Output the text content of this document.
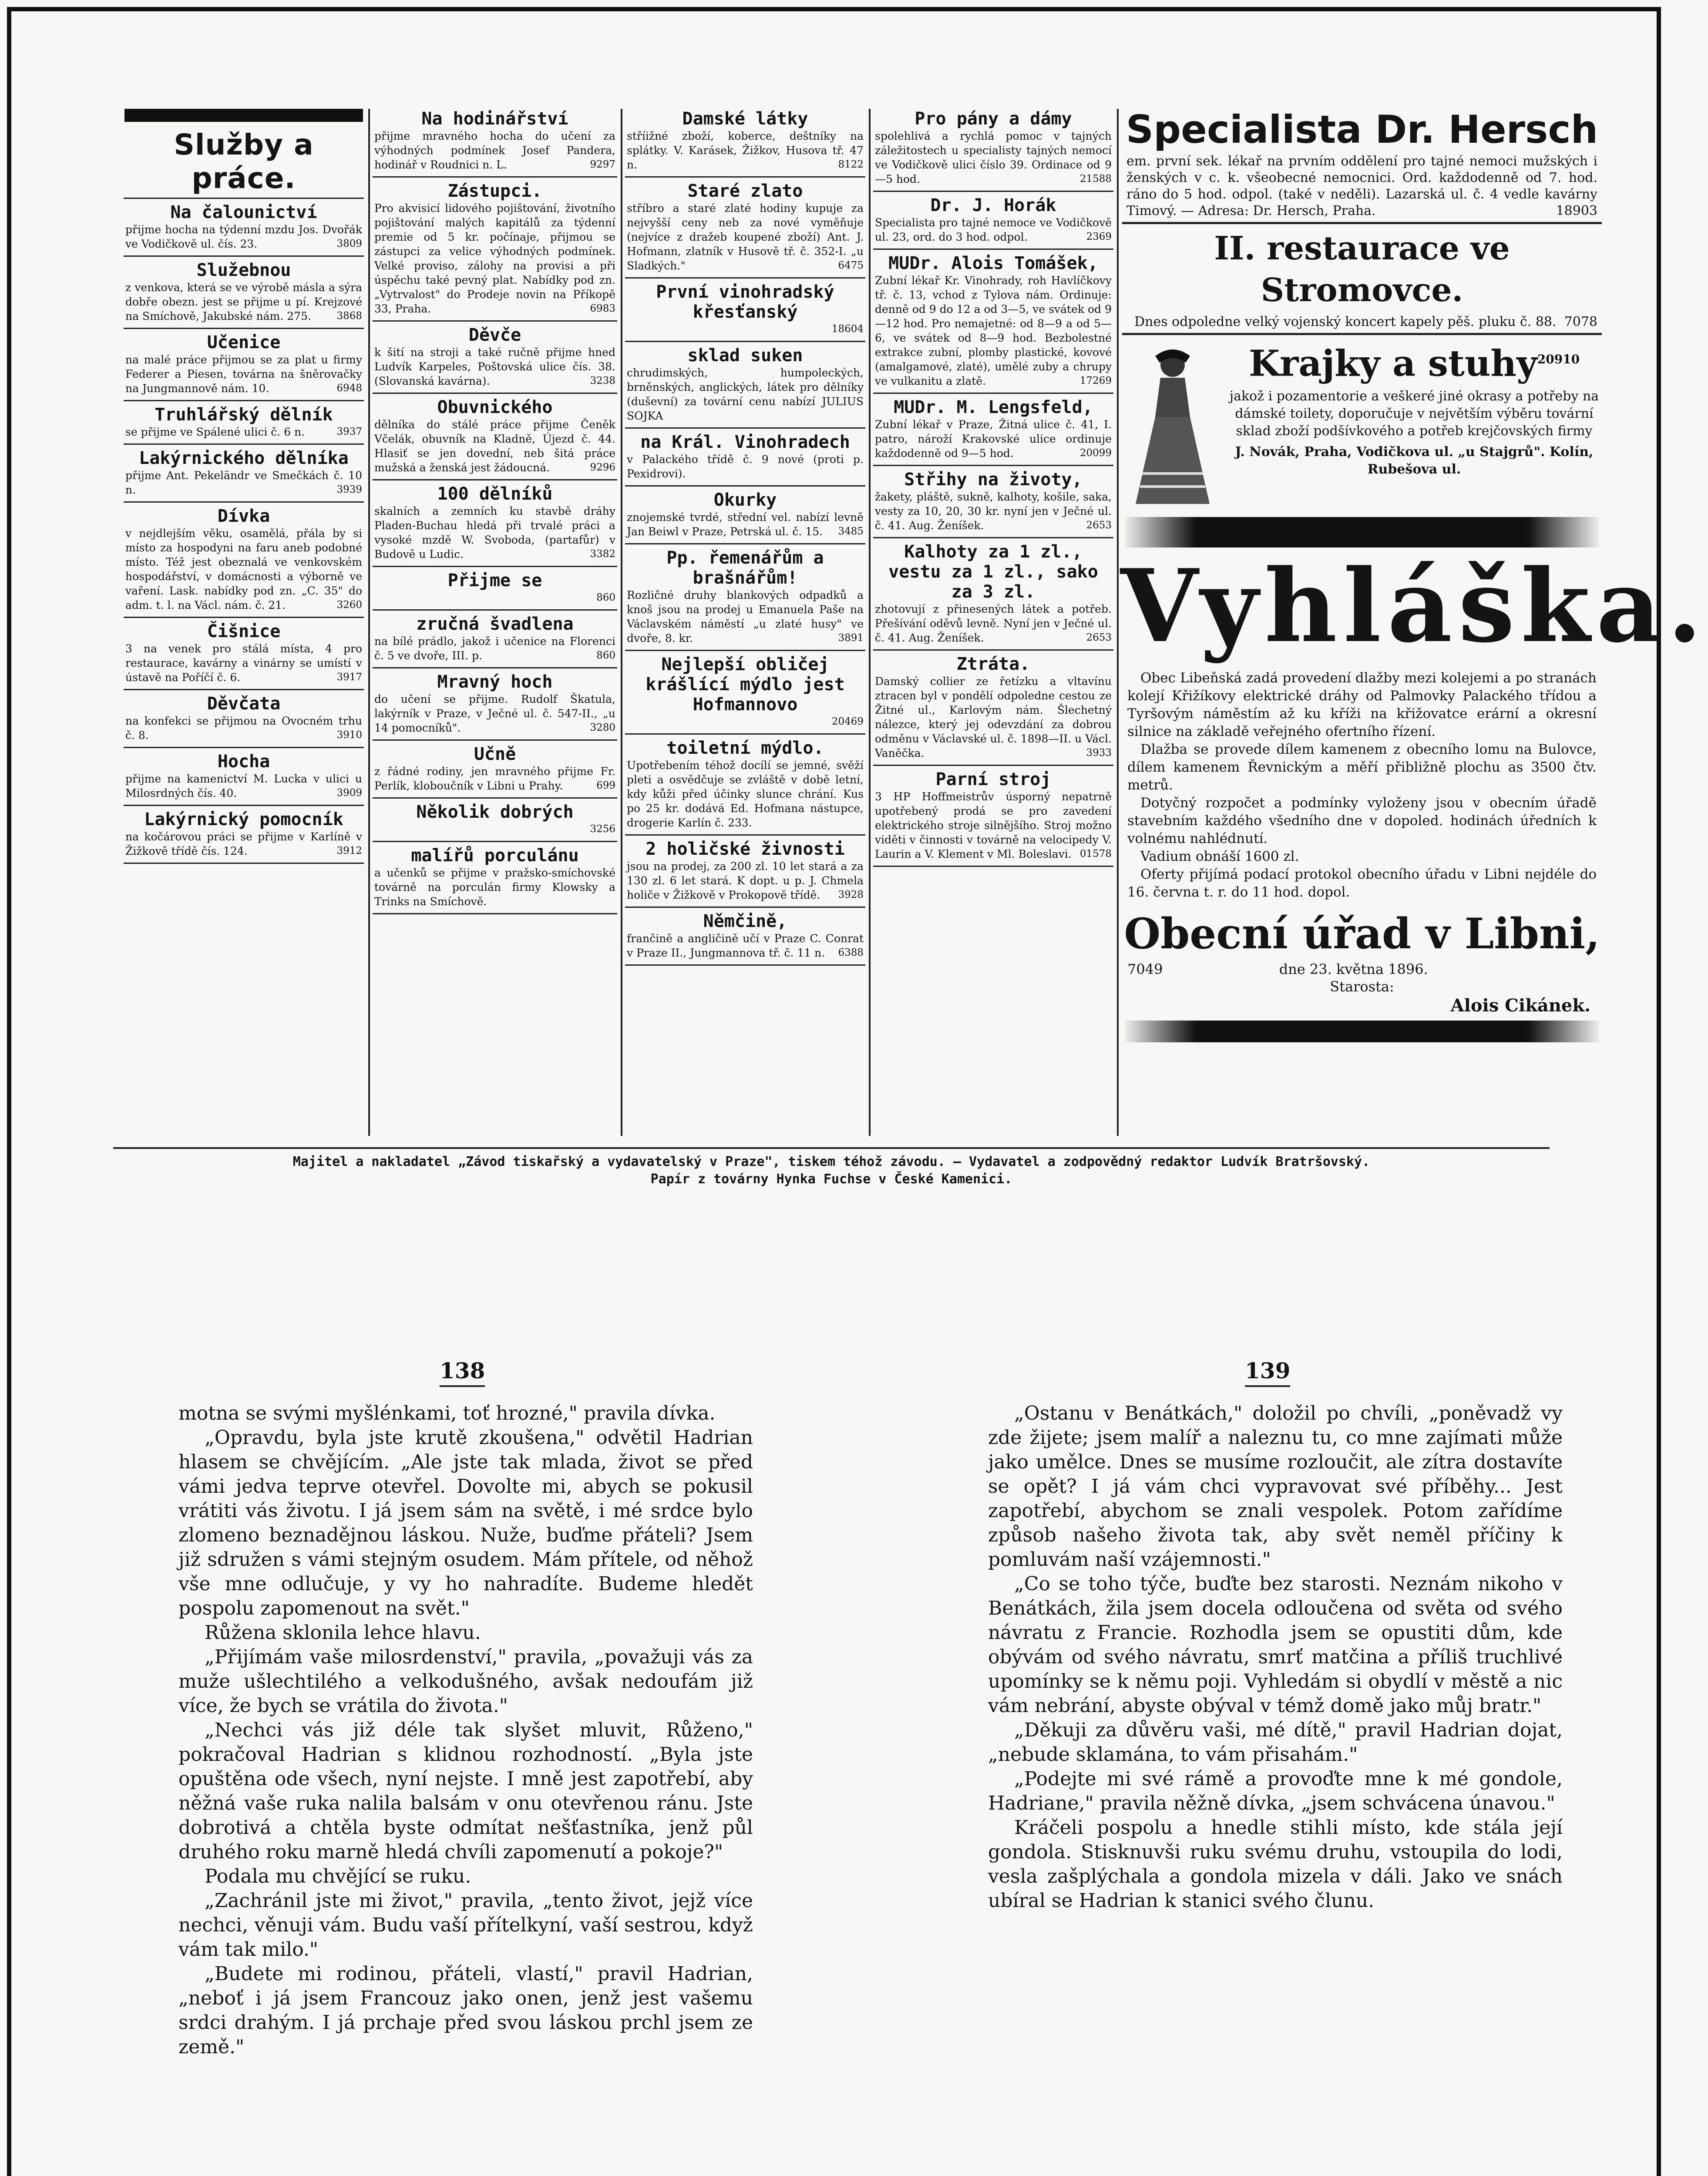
Služby a práce.
Na čalounictví
přijme hocha na týdenní mzdu Jos. Dvořák ve Vodičkově ul. čís. 23.	3809
Služebnou
z venkova, která se ve výrobě másla a sýra dobře obezn. jest se přijme u pí. Krejzové na Smíchově, Jakubské nám. 275.	3868
Učenice
na malé práce přijmou se za plat u firmy Federer a Piesen, továrna na šněrovačky na Jungmannově nám. 10.	6948
Truhlářský dělník
se přijme ve Spálené ulici č. 6 n.	3937
Lakýrnického dělníka
přijme Ant. Pekeländr ve Smečkách č. 10 n.	3939
Dívka
v nejdlejším věku, osamělá, přála by si místo za hospodyni na faru aneb podobné místo. Též jest obeznalá ve venkovském hospodářství, v domácnosti a výborně ve vaření. Lask. nabídky pod zn. „C. 35" do adm. t. l. na Václ. nám. č. 21.	3260
Čišnice
3 na venek pro stálá místa, 4 pro restaurace, kavárny a vinárny se umístí v ústavě na Poříčí č. 6.	3917
Děvčata
na konfekci se přijmou na Ovocném trhu č. 8.	3910
Hocha
přijme na kamenictví M. Lucka v ulici u Milosrdných čís. 40.	3909
Lakýrnický pomocník
na kočárovou práci se přijme v Karlíně v Žižkově třídě čís. 124.	3912
Na hodinářství
přijme mravného hocha do učení za výhodných podmínek Josef Pandera, hodinář v Roudnici n. L.	9297
Zástupci.
Pro akvisicí lidového pojištování, životního pojištování malých kapitálů za týdenní premie od 5 kr. počínaje, přijmou se zástupci za velice výhodných podmínek. Velké proviso, zálohy na provisi a při úspěchu také pevný plat. Nabídky pod zn. „Vytrvalost" do Prodeje novin na Příkopě 33, Praha.	6983
Děvče
k šití na stroji a také ručně přijme hned Ludvík Karpeles, Poštovská ulice čís. 38. (Slovanská kavárna).	3238
Obuvnického
dělníka do stálé práce přijme Čeněk Včelák, obuvník na Kladně, Újezd č. 44. Hlasiť se jen dovední, neb šitá práce mužská a ženská jest žádoucná.	9296
100 dělníků
skalních a zemních ku stavbě dráhy Pladen-Buchau hledá při trvalé práci a vysoké mzdě W. Svoboda, (partafůr) v Budově u Ludic.	3382
Přijme se
860
zručná švadlena
na bílé prádlo, jakož i učenice na Florenci č. 5 ve dvoře, III. p.	860
Mravný hoch
do učení se přijme. Rudolf Škatula, lakýrník v Praze, v Ječné ul. č. 547-II., „u 14 pomocníků".	3280
Učně
z řádné rodiny, jen mravného přijme Fr. Perlík, kloboučník v Libni u Prahy.	699
Několik dobrých
3256
malířů porculánu
a učenků se přijme v pražsko-smíchovské továrně na porculán firmy Klowsky a Trinks na Smíchově.
Damské látky
stříižné zboží, koberce, deštníky na splátky. V. Karásek, Žižkov, Husova tř. 47 n.	8122
Staré zlato
stříbro a staré zlaté hodiny kupuje za nejvyšší ceny neb za nové vyměňuje (nejvíce z dražeb koupené zboží) Ant. J. Hofmann, zlatník v Husově tř. č. 352-I. „u Sladkých."	6475
První vinohradský křesťanský
18604
sklad suken
chrudimských, humpoleckých, brněnských, anglických, látek pro dělníky (duševní) za tovární cenu nabízí JULIUS SOJKA
na Král. Vinohradech
v Palackého třídě č. 9 nové (proti p. Pexidrovi).
Okurky
znojemské tvrdé, střední vel. nabízí levně Jan Beiwl v Praze, Petrská ul. č. 15. 3485
Pp. řemenářům a brašnářům!
Rozličné druhy blankových odpadků a knoš jsou na prodej u Emanuela Paše na Václavském náměstí „u zlaté husy" ve dvoře, 8. kr.	3891
Nejlepší obličej krášlící mýdlo jest Hofmannovo
20469
toiletní mýdlo.
Upotřebením téhož docílí se jemné, svěží pleti a osvědčuje se zvláště v době letní, kdy kůži před účinky slunce chrání. Kus po 25 kr. dodává Ed. Hofmana nástupce, drogerie Karlín č. 233.
2 holičské živnosti
jsou na prodej, za 200 zl. 10 let stará a za 130 zl. 6 let stará. K dopt. u p. J. Chmela holiče v Žižkově v Prokopově třídě. 3928
Němčině,
frančině a angličině učí v Praze C. Conrat v Praze II., Jungmannova tř. č. 11 n. 6388
Pro pány a dámy
spolehlivá a rychlá pomoc v tajných záležitostech u specialisty tajných nemocí ve Vodičkově ulici číslo 39. Ordinace od 9—5 hod.	21588
Dr. J. Horák
Specialista pro tajné nemoce ve Vodičkově ul. 23, ord. do 3 hod. odpol.	2369
MUDr. Alois Tomášek,
Zubní lékař Kr. Vinohrady, roh Havlíčkovy tř. č. 13, vchod z Tylova nám. Ordinuje: denně od 9 do 12 a od 3—5, ve svátek od 9—12 hod. Pro nemajetné: od 8—9 a od 5—6, ve svátek od 8—9 hod. Bezbolestné extrakce zubní, plomby plastické, kovové (amalgamové, zlaté), umělé zuby a chrupy ve vulkanitu a zlatě.	17269
MUDr. M. Lengsfeld,
Zubní lékař v Praze, Žitná ulice č. 41, I. patro, nároží Krakovské ulice ordinuje každodenně od 9—5 hod.	20099
Střihy na životy,
žakety, pláště, sukně, kalhoty, košile, saka, vesty za 10, 20, 30 kr. nyní jen v Ječné ul. č. 41. Aug. Ženíšek.	2653
Kalhoty za 1 zl., vestu za 1 zl., sako za 3 zl.
zhotovují z přinesených látek a potřeb. Přešívání oděvů levně. Nyní jen v Ječné ul. č. 41. Aug. Ženíšek.	2653
Ztráta.
Damský collier ze řetízku a vltavínu ztracen byl v pondělí odpoledne cestou ze Žitné ul., Karlovým nám. Šlechetný nálezce, který jej odevzdání za dobrou odměnu v Václavské ul. č. 1898—II. u Václ. Vaněčka.	3933
Parní stroj
3 HP Hoffmeistrův úsporný nepatrně upotřebený prodá se pro zavedení elektrického stroje silnějšího. Stroj možno viděti v činnosti v továrně na velocipedy V. Laurin a V. Klement v Ml. Boleslavi. 01578
Specialista Dr. Hersch

em. první sek. lékař na prvním oddělení pro tajné nemoci mužských i ženských v c. k. všeobecné nemocnici. Ord. každodenně od 7. hod. ráno do 5 hod. odpol. (také v neděli). Lazarská ul. č. 4 vedle kavárny Timový. — Adresa: Dr. Hersch, Praha.	18903

II. restaurace ve Stromovce.

Dnes odpoledne velký vojenský koncert kapely pěš. pluku č. 88. 7078

Krajky a stuhy$^{20910}$

jakož i pozamentorie a veškeré jiné okrasy a potřeby na dámské toilety, doporučuje v největším výběru tovární sklad zboží podšívkového a potřeb krejčovských firmy

J. Novák, Praha, Vodičkova ul. „u Stajgrů". Kolín, Rubešova ul.

Vyhláška.

Obec Libeňská zadá provedení dlažby mezi kolejemi a po stranách kolejí Křižíkovy elektrické dráhy od Palmovky Palackého třídou a Tyršovým náměstím až ku kříži na křižovatce erární a okresní silnice na základě veřejného ofertního řízení.

Dlažba se provede dílem kamenem z obecního lomu na Bulovce, dílem kamenem Řevnickým a měří přibližně plochu as 3500 čtv. metrů.

Dotyčný rozpočet a podmínky vyloženy jsou v obecním úřadě stavebním každého všedního dne v dopoled. hodinách úředních k volnému nahlédnutí.

Vadium obnáší 1600 zl.

Oferty přijímá podací protokol obecního úřadu v Libni nejdéle do 16. června t. r. do 11 hod. dopol.

Obecní úřad v Libni,
7049	dne 23. května 1896.
Starosta:
Alois Cikánek.
Majitel a nakladatel „Závod tiskařský a vydavatelský v Praze", tiskem téhož závodu. — Vydavatel a zodpovědný redaktor Ludvík Bratršovský.
Papír z továrny Hynka Fuchse v České Kamenici.
138	139

motna se svými myšlénkami, toť hrozné," pravila dívka.

„Opravdu, byla jste krutě zkoušena," odvětil Hadrian hlasem se chvějícím. „Ale jste tak mlada, život se před vámi jedva teprve otevřel. Dovolte mi, abych se pokusil vrátiti vás životu. I já jsem sám na světě, i mé srdce bylo zlomeno beznadějnou láskou. Nuže, buďme přáteli? Jsem již sdružen s vámi stejným osudem. Mám přítele, od něhož vše mne odlučuje, y vy ho nahradíte. Budeme hledět pospolu zapomenout na svět."

Růžena sklonila lehce hlavu.

„Přijímám vaše milosrdenství," pravila, „považuji vás za muže ušlechtilého a velkodušného, avšak nedoufám již více, že bych se vrátila do života."

„Nechci vás již déle tak slyšet mluvit, Růženo," pokračoval Hadrian s klidnou rozhodností. „Byla jste opuštěna ode všech, nyní nejste. I mně jest zapotřebí, aby něžná vaše ruka nalila balsám v onu otevřenou ránu. Jste dobrotivá a chtěla byste odmítat nešťastníka, jenž půl druhého roku marně hledá chvíli zapomenutí a pokoje?"

Podala mu chvějící se ruku.

„Zachránil jste mi život," pravila, „tento život, jejž více nechci, věnuji vám. Budu vaší přítelkyní, vaší sestrou, když vám tak milo."

„Budete mi rodinou, přáteli, vlastí," pravil Hadrian, „neboť i já jsem Francouz jako onen, jenž jest vašemu srdci drahým. I já prchaje před svou láskou prchl jsem ze země."

„Ostanu v Benátkách," doložil po chvíli, „poněvadž vy zde žijete; jsem malíř a naleznu tu, co mne zajímati může jako umělce. Dnes se musíme rozloučit, ale zítra dostavíte se opět? I já vám chci vypravovat své příběhy... Jest zapotřebí, abychom se znali vespolek. Potom zařídíme způsob našeho života tak, aby svět neměl příčiny k pomluvám naší vzájemnosti."

„Co se toho týče, buďte bez starosti. Neznám nikoho v Benátkách, žila jsem docela odloučena od světa od svého návratu z Francie. Rozhodla jsem se opustiti dům, kde obývám od svého návratu, smrť matčina a příliš truchlivé upomínky se k němu poji. Vyhledám si obydlí v městě a nic vám nebrání, abyste obýval v témž domě jako můj bratr."

„Děkuji za důvěru vaši, mé dítě," pravil Hadrian dojat, „nebude sklamána, to vám přisahám."

„Podejte mi své rámě a provoďte mne k mé gondole, Hadriane," pravila něžně dívka, „jsem schvácena únavou."

Kráčeli pospolu a hnedle stihli místo, kde stála její gondola. Stisknuvši ruku svému druhu, vstoupila do lodi, vesla zašplýchala a gondola mizela v dáli. Jako ve snách ubíral se Hadrian k stanici svého člunu.
